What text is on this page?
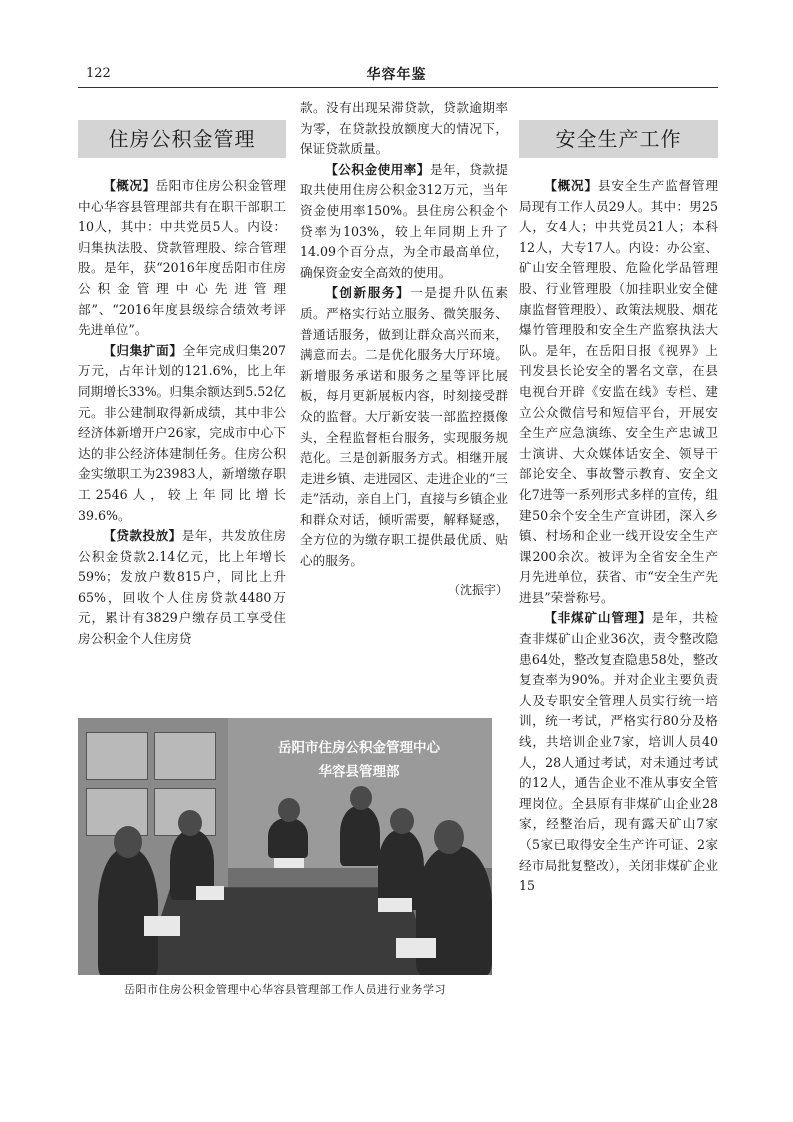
122	华容年鉴
住房公积金管理

【概况】岳阳市住房公积金管理中心华容县管理部共有在职干部职工10人，其中：中共党员5人。内设：归集执法股、贷款管理股、综合管理股。是年，获“2016年度岳阳市住房公积金管理中心先进管理部”、“2016年度县级综合绩效考评先进单位”。

【归集扩面】全年完成归集207万元，占年计划的121.6%，比上年同期增长33%。归集余额达到5.52亿元。非公建制取得新成绩，其中非公经济体新增开户26家，完成市中心下达的非公经济体建制任务。住房公积金实缴职工为23983人，新增缴存职工2546人，较上年同比增长39.6%。

【贷款投放】是年，共发放住房公积金贷款2.14亿元，比上年增长59%；发放户数815户，同比上升65%，回收个人住房贷款4480万元，累计有3829户缴存员工享受住房公积金个人住房贷

款。没有出现呆滞贷款，贷款逾期率为零，在贷款投放额度大的情况下，保证贷款质量。

【公积金使用率】是年，贷款提取共使用住房公积金312万元，当年资金使用率150%。县住房公积金个贷率为103%，较上年同期上升了14.09个百分点，为全市最高单位，确保资金安全高效的使用。

【创新服务】一是提升队伍素质。严格实行站立服务、微笑服务、普通话服务，做到让群众高兴而来，满意而去。二是优化服务大厅环境。新增服务承诺和服务之星等评比展板，每月更新展板内容，时刻接受群众的监督。大厅新安装一部监控摄像头，全程监督柜台服务，实现服务规范化。三是创新服务方式。相继开展走进乡镇、走进园区、走进企业的“三走”活动，亲自上门，直接与乡镇企业和群众对话，倾听需要，解释疑惑，全方位的为缴存职工提供最优质、贴心的服务。

（沈振宇）
安全生产工作

【概况】县安全生产监督管理局现有工作人员29人。其中：男25人，女4人；中共党员21人；本科12人，大专17人。内设：办公室、矿山安全管理股、危险化学品管理股、行业管理股（加挂职业安全健康监督管理股）、政策法规股、烟花爆竹管理股和安全生产监察执法大队。是年，在岳阳日报《视界》上刊发县长论安全的署名文章，在县电视台开辟《安监在线》专栏、建立公众微信号和短信平台，开展安全生产应急演练、安全生产忠诚卫士演讲、大众媒体话安全、领导干部论安全、事故警示教育、安全文化7进等一系列形式多样的宣传，组建50余个安全生产宣讲团，深入乡镇、村场和企业一线开设安全生产课200余次。被评为全省安全生产月先进单位，获省、市“安全生产先进县”荣誉称号。

【非煤矿山管理】是年，共检查非煤矿山企业36次，责令整改隐患64处，整改复查隐患58处，整改复查率为90%。并对企业主要负责人及专职安全管理人员实行统一培训，统一考试，严格实行80分及格线，共培训企业7家，培训人员40人，28人通过考试，对未通过考试的12人，通告企业不准从事安全管理岗位。全县原有非煤矿山企业28家，经整治后，现有露天矿山7家（5家已取得安全生产许可证、2家经市局批复整改），关闭非煤矿企业15

岳阳市住房公积金管理中心
华容县管理部
岳阳市住房公积金管理中心华容县管理部工作人员进行业务学习
